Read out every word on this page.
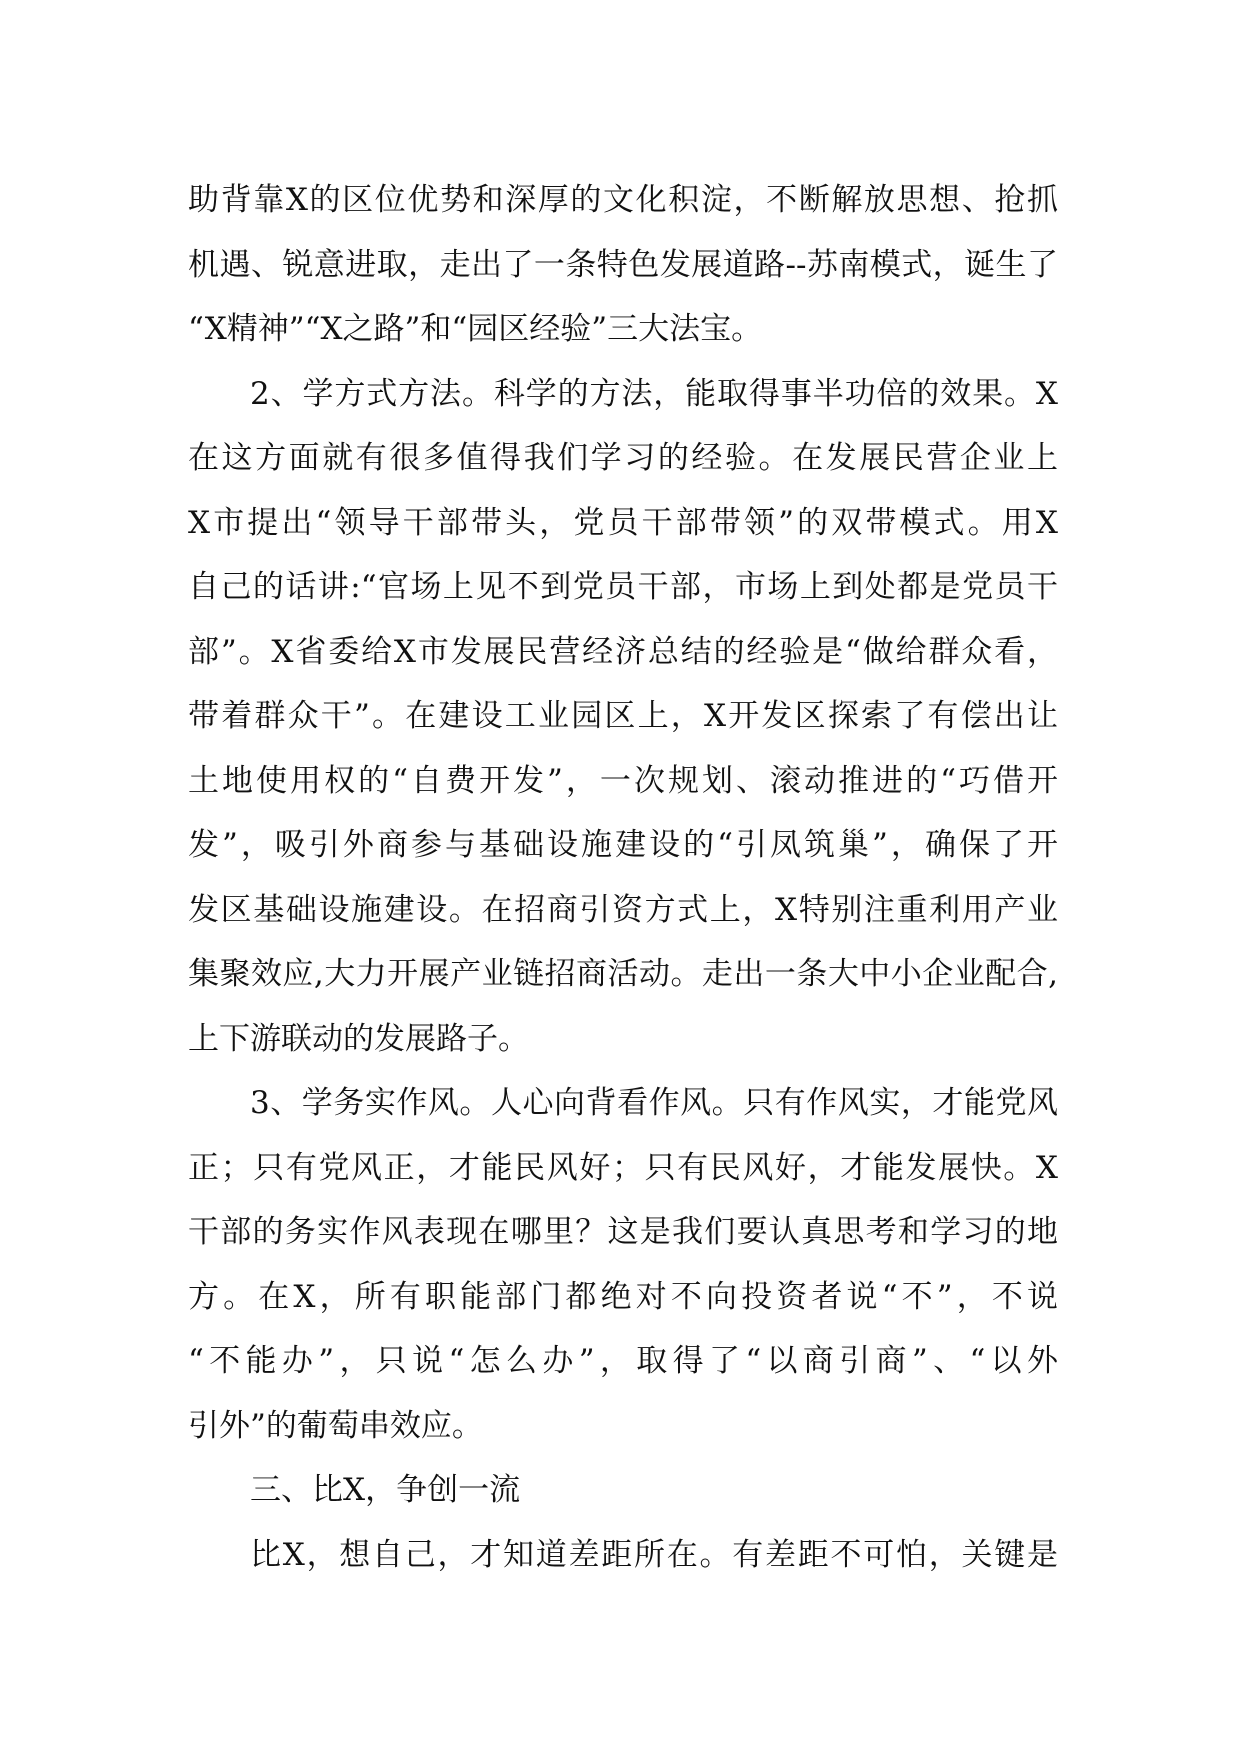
助背靠X的区位优势和深厚的文化积淀，不断解放思想、抢抓
机遇、锐意进取，走出了一条特色发展道路--苏南模式，诞生了
“X精神”“X之路”和“园区经验”三大法宝。
2、学方式方法。科学的方法，能取得事半功倍的效果。X
在这方面就有很多值得我们学习的经验。在发展民营企业上
X市提出“领导干部带头，党员干部带领”的双带模式。用X
自己的话讲:“官场上见不到党员干部，市场上到处都是党员干
部”。X省委给X市发展民营经济总结的经验是“做给群众看，
带着群众干”。在建设工业园区上，X开发区探索了有偿出让
土地使用权的“自费开发”，一次规划、滚动推进的“巧借开
发”，吸引外商参与基础设施建设的“引凤筑巢”，确保了开
发区基础设施建设。在招商引资方式上，X特别注重利用产业
集聚效应,大力开展产业链招商活动。走出一条大中小企业配合,
上下游联动的发展路子。
3、学务实作风。人心向背看作风。只有作风实，才能党风
正；只有党风正，才能民风好；只有民风好，才能发展快。X
干部的务实作风表现在哪里？这是我们要认真思考和学习的地
方。在X，所有职能部门都绝对不向投资者说“不”，不说
“不能办”，只说“怎么办”，取得了“以商引商”、“以外
引外”的葡萄串效应。
三、比X，争创一流
比X，想自己，才知道差距所在。有差距不可怕，关键是
